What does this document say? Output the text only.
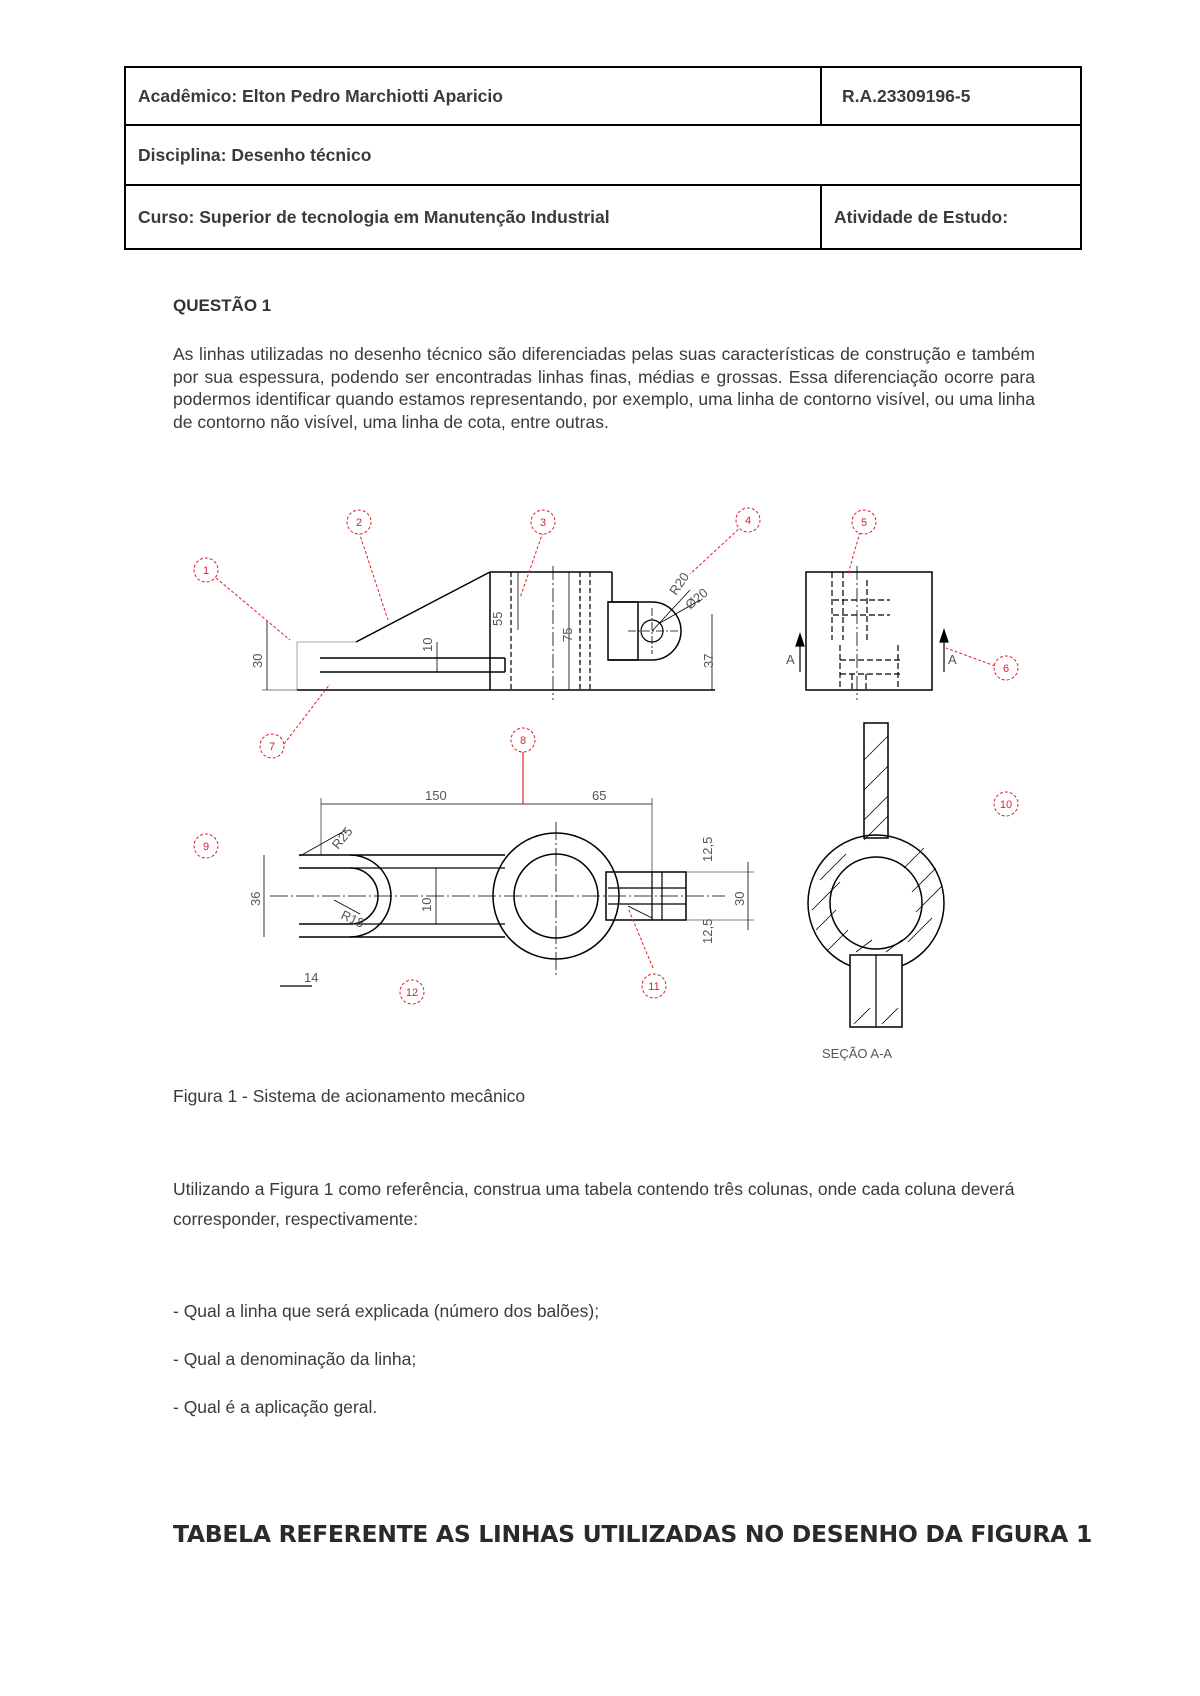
Acadêmico: Elton Pedro Marchiotti Aparicio	R.A.23309196-5
Disciplina: Desenho técnico
Curso: Superior de tecnologia em Manutenção Industrial	Atividade de Estudo:
QUESTÃO 1
As linhas utilizadas no desenho técnico são diferenciadas pelas suas características de construção e também por sua espessura, podendo ser encontradas linhas finas, médias e grossas. Essa diferenciação ocorre para podermos identificar quando estamos representando, por exemplo, uma linha de contorno visível, ou uma linha de contorno não visível, uma linha de cota, entre outras.
30
10
55
75
37
R20
Ø20
150	65
R25
R18
36	10
12,5
30
12,5
14
A	A
SEÇÃO A-A
1
2	3	4	5
6
7	8
9
10
11
12
Figura 1 - Sistema de acionamento mecânico
Utilizando a Figura 1 como referência, construa uma tabela contendo três colunas, onde cada coluna deverá corresponder, respectivamente:
- Qual a linha que será explicada (número dos balões);
- Qual a denominação da linha;
- Qual é a aplicação geral.
TABELA REFERENTE AS LINHAS UTILIZADAS NO DESENHO DA FIGURA 1
